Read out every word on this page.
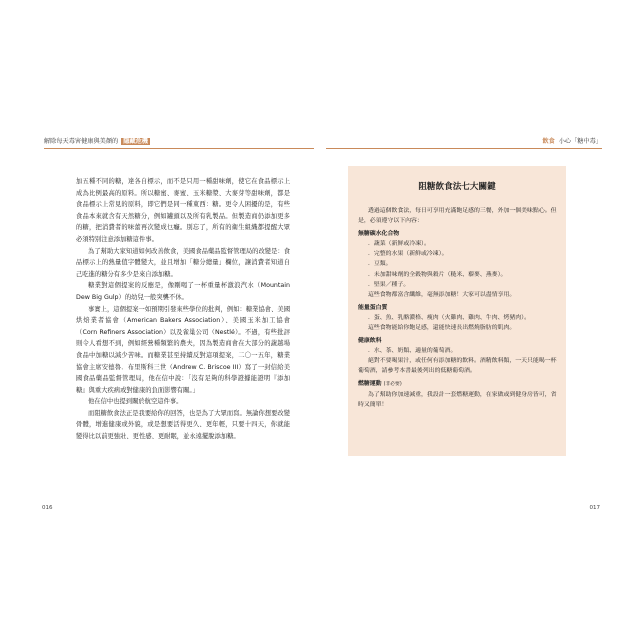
解除每天毒害健康與美顏的 隱藏危機	飲食 小心「糖中毒」

加五種不同的糖，達各自標示，而不是只用一種甜味劑，使它在食品標示上成為比例最高的原料。所以糖蜜、麥蜜、玉米糖漿、大麥芽等甜味劑，都是食品標示上常見的原料，即它們是同一種東西：糖。更令人困擾的是，有些食品本來就含有天然糖分，例如罐頭以及所有乳製品。但製造商仍添加更多的糖，把消費者的味蕾再次變成乜癮。別忘了，所有的衛生組織都提醒大眾必須特別注意添加糖這件事。

為了幫助大家知道如何改善飲食，美國食品藥品監督管理局的改變是：食品標示上的熱量值字體變大，並且增加「糖分總量」欄位，讓消費者知道自己吃進的糖分有多少是來自添加糖。

糖業對這個提案的反應是，像剛喝了一杯重量杯激浪汽水（Mountain Dew Big Gulp）的幼兒一般突襲不休。

事實上，這個提案一如預期引發來些學位的批判，例如：糖業協會、美國烘焙業者協會（American Bakers Association）、美國玉米加工協會（Corn Refiners Association）以及雀巢公司（Nestlé）。不過，有些批評則令人看想不到，例如經營種類繁的農夫，因為製造商會在大部分的蔬越場食品中加糖以減少苦味。而糖業甚至持續反對這項提案，二〇一五年，糖業協會主席安德魯．布里斯科三世（Andrew C. Briscoe III）寫了一封信給美國食品藥品監督管理局，他在信中說：「沒有足夠的科學證據能證明『添加糖』與重大疾病或對健康的負面影響有關。」

他在信中也提到關於航空這件事。

而阻糖飲食法正是我要給你的回答，也是為了大眾而寫。無論你想要改變骨體，增進健康或外貌，或是想要活得更久、更年輕，只要十四天，你就能變得比以前更強壯、更性感、更耐眠，並永遠擺脫添加糖。

阻糖飲食法七大關鍵

透過這個飲食法，每日可享用充滿飽足感的三餐，外加一個美味點心。但是，必須遵守以下內容：

無糖碳水化合物

．蔬菜（新鮮或冷凍）。

．完整的水果（新鮮或冷凍）。

．豆類。

．未加甜味劑的全穀物與穀片（糙米、藜麥、燕麥）。

．堅果／種子。

這些食物都富含纖維，毫無添加糖！大家可以盡情享用。

能量蛋白質

．蛋、魚、乳酪濃格、瘦肉（火雞肉、雞肉、牛肉、烤豬肉）。

這些食物能給你飽足感，還能快速長出燃燒脂肪的肌肉。

健康飲料

．水、茶、奶類、適量的葡萄酒。

絕對不要喝果汁，或任何有添加糖的飲料。酒精飲料類，一天只能喝一杯葡萄酒，請參考本書最後列出的低糖葡萄酒。

燃糖運動 (非必要)

為了幫助你加速減重，我設計一套燃糖運動，在家做或到健身房皆可，省時又簡單！

016	017
